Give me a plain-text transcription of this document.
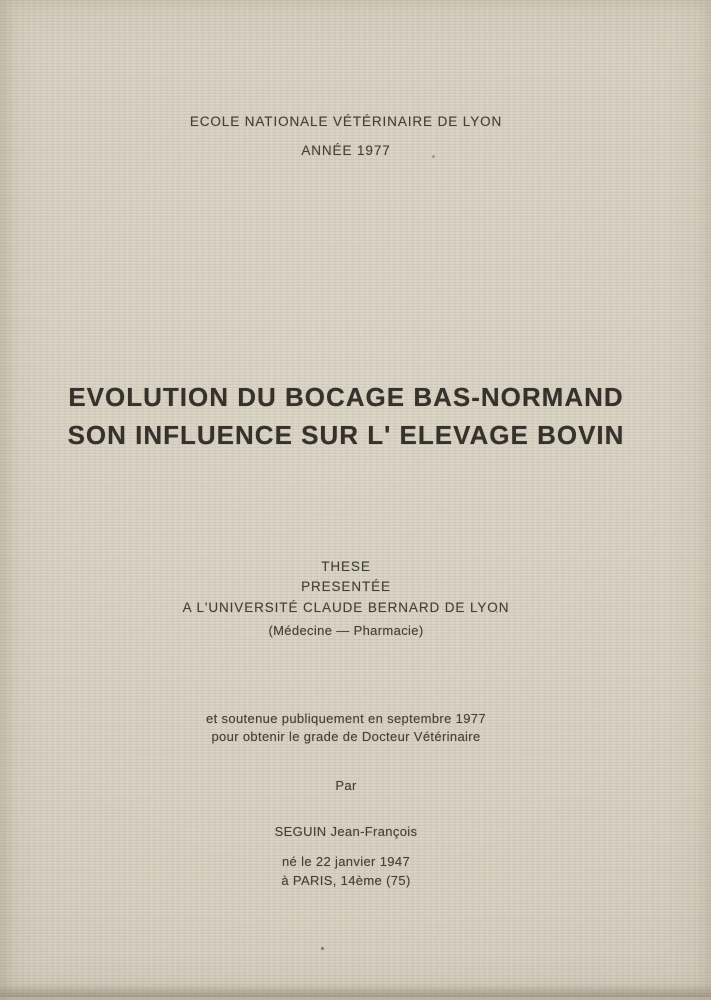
ECOLE NATIONALE VÉTÉRINAIRE DE LYON
ANNÉE 1977
EVOLUTION DU BOCAGE BAS-NORMAND
SON INFLUENCE SUR L' ELEVAGE BOVIN
THESE
PRESENTÉE
A L'UNIVERSITÉ CLAUDE BERNARD DE LYON
(Médecine — Pharmacie)
et soutenue publiquement en septembre 1977
pour obtenir le grade de Docteur Vétérinaire
Par
SEGUIN Jean-François
né le 22 janvier 1947
à PARIS, 14ème (75)
